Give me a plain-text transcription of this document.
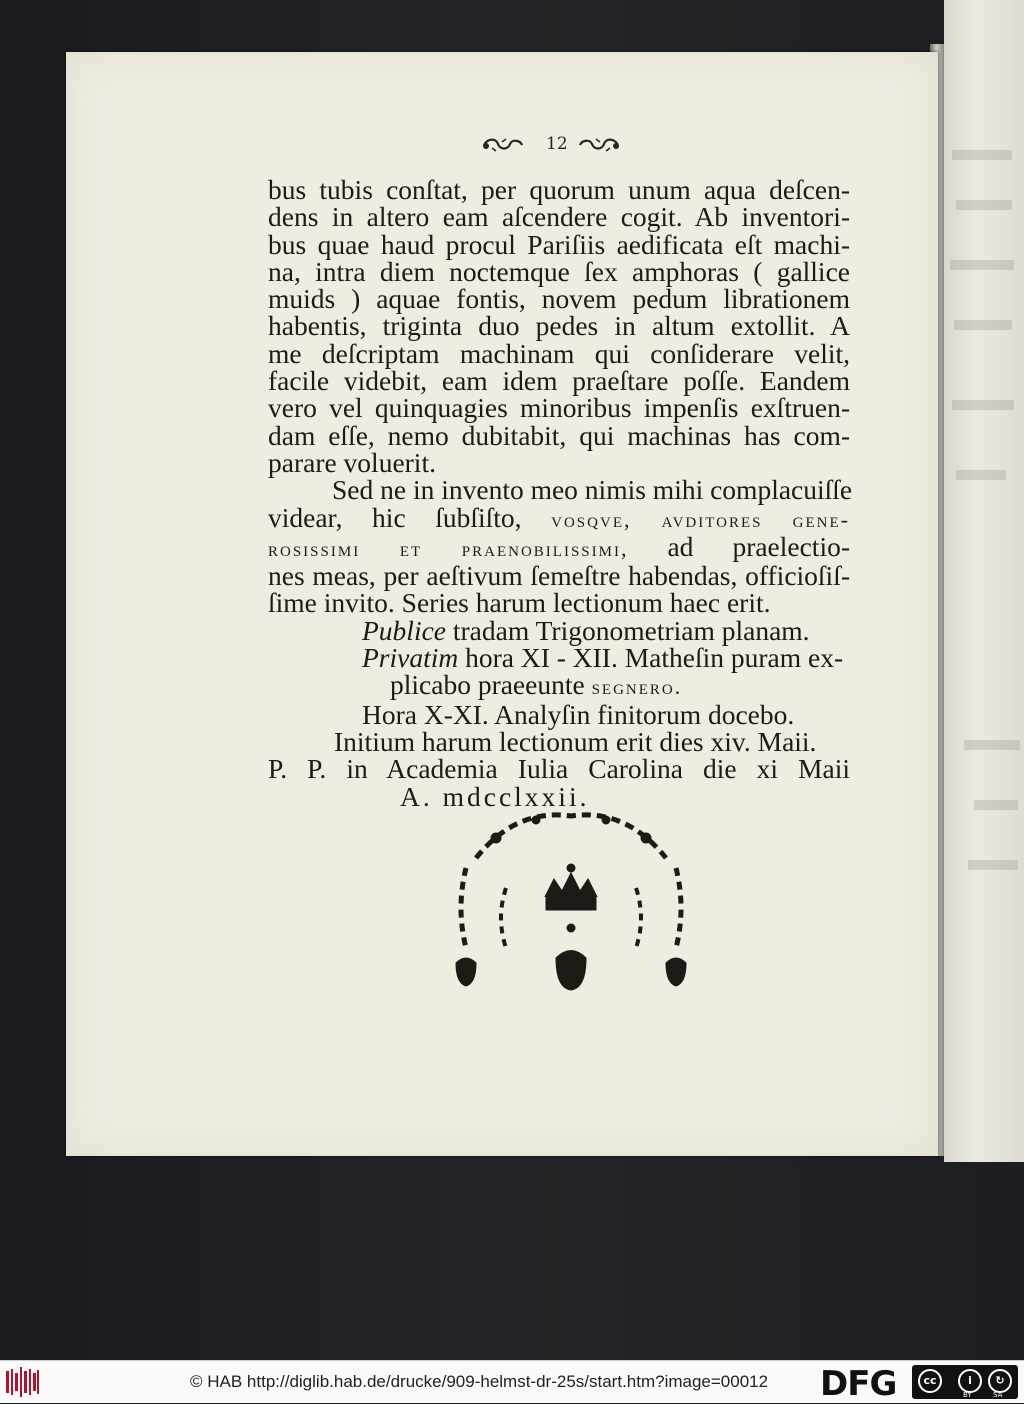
12
bus tubis conſtat, per quorum unum aqua deſcen-
dens in altero eam aſcendere cogit. Ab inventori-
bus quae haud procul Pariſiis aedificata eſt machi-
na, intra diem noctemque ſex amphoras ( gallice
muids ) aquae fontis, novem pedum librationem
habentis, triginta duo pedes in altum extollit. A
me deſcriptam machinam qui conſiderare velit,
facile videbit, eam idem praeſtare poſſe. Eandem
vero vel quinquagies minoribus impenſis exſtruen-
dam eſſe, nemo dubitabit, qui machinas has com-
parare voluerit.
Sed ne in invento meo nimis mihi complacuiſſe
videar, hic ſubſiſto, vosqve, avditores gene-
rosissimi et praenobilissimi, ad praelectio-
nes meas, per aeſtivum ſemeſtre habendas, officioſiſ-
ſime invito. Series harum lectionum haec erit.
Publice tradam Trigonometriam planam.
Privatim hora XI - XII. Matheſin puram ex-
plicabo praeeunte segnero.
Hora X-XI. Analyſin finitorum docebo.
Initium harum lectionum erit dies xiv. Maii.
P. P. in Academia Iulia Carolina die xi Maii
A. mdcclxxii.
© HAB http://diglib.hab.de/drucke/909-helmst-dr-25s/start.htm?image=00012 DFG	cc	i	↻
BY	SA
